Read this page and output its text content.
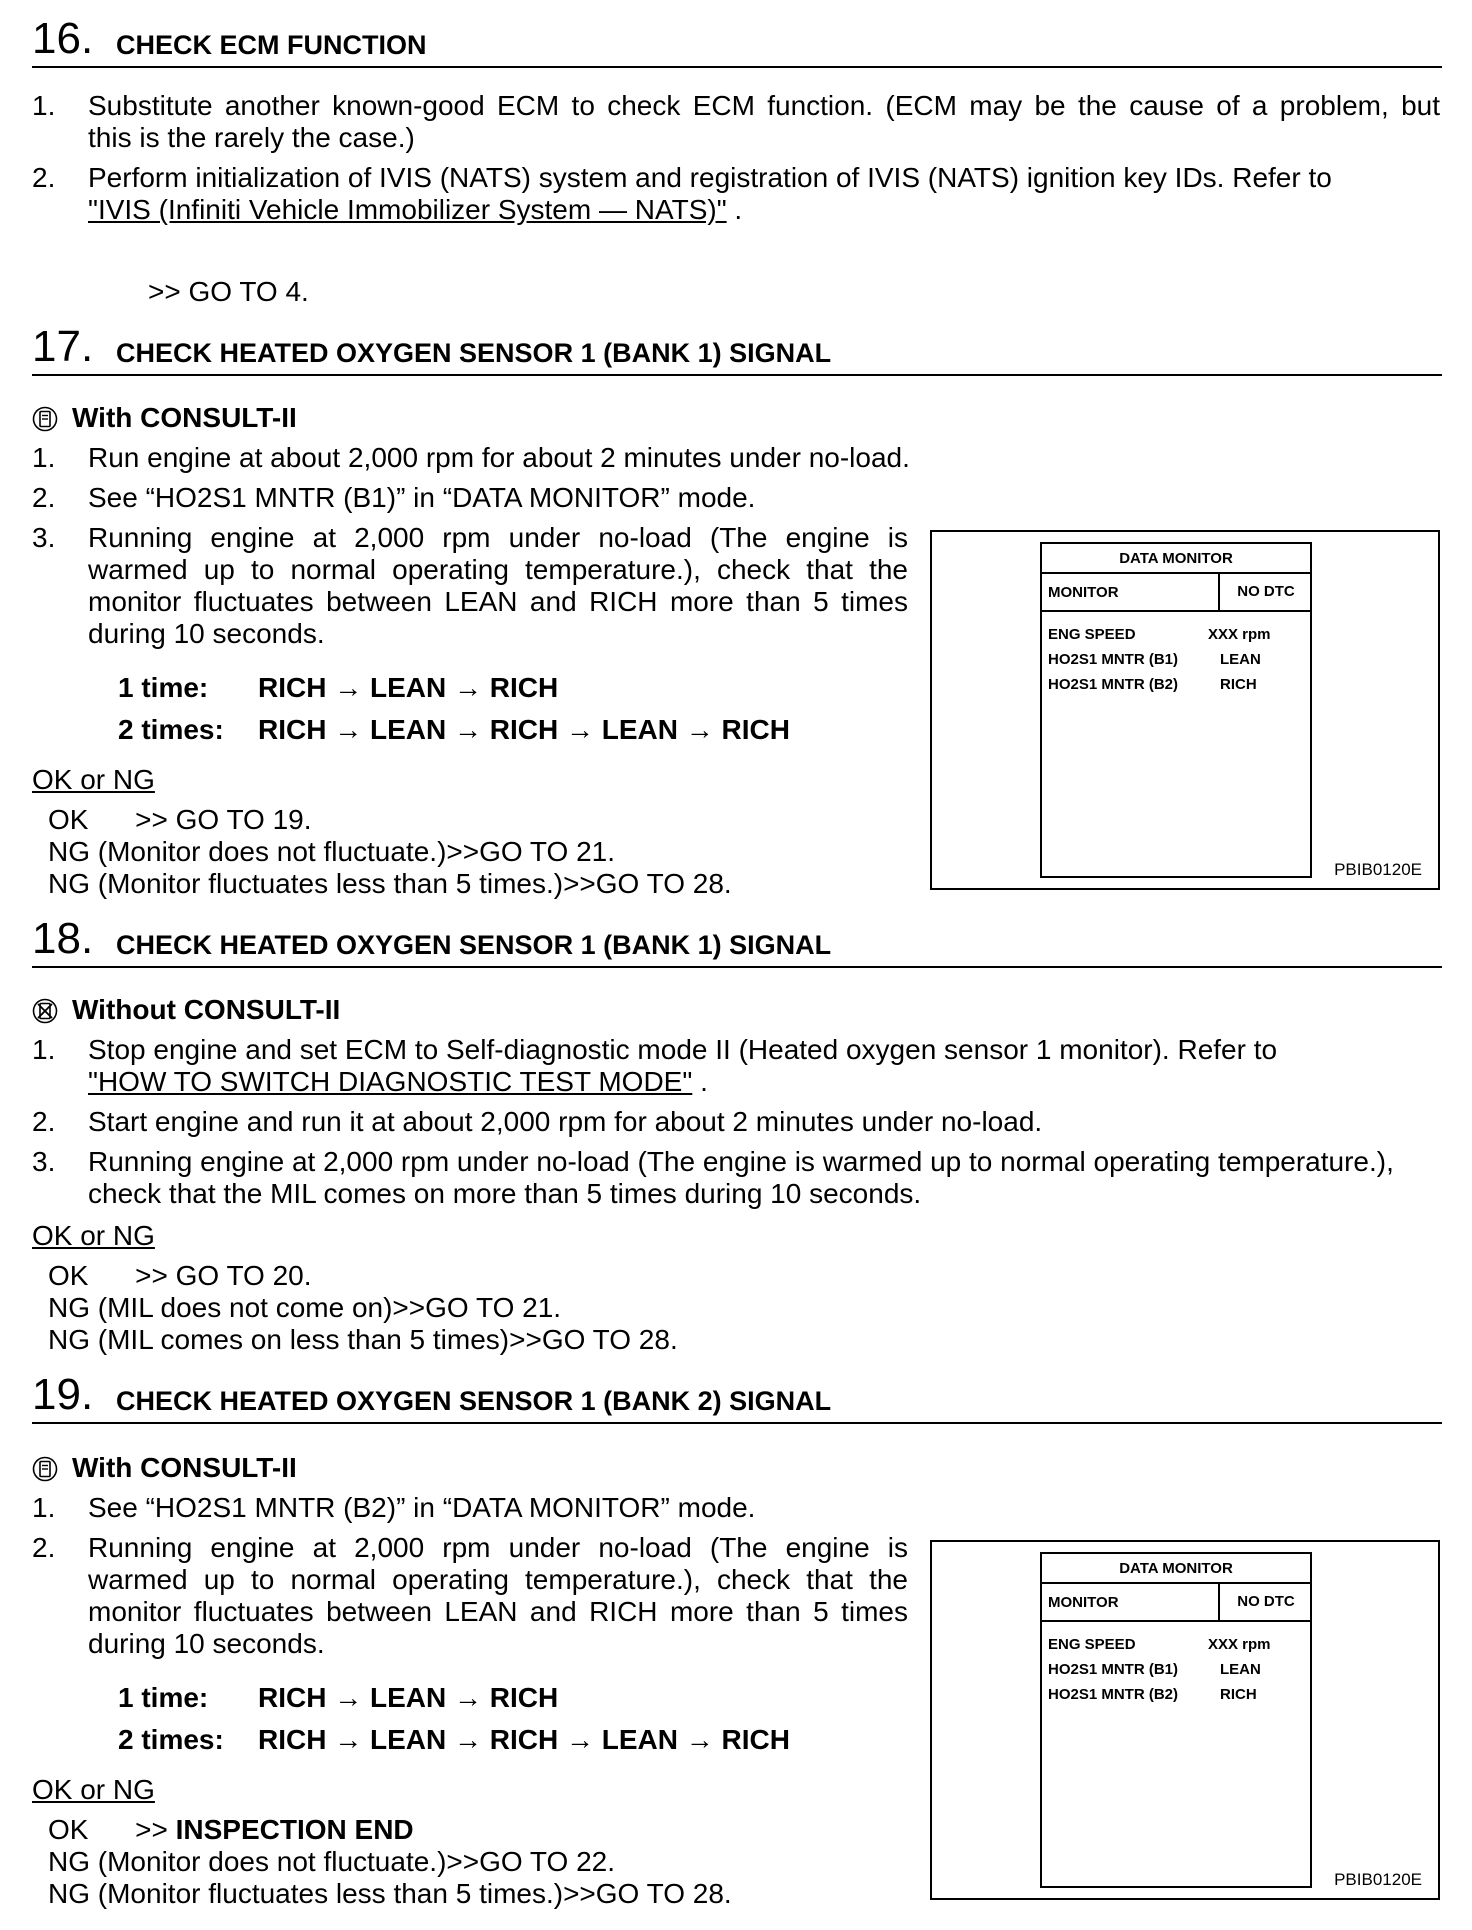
16. CHECK ECM FUNCTION
1. Substitute another known-good ECM to check ECM function. (ECM may be the cause of a problem, but
this is the rarely the case.)
2. Perform initialization of IVIS (NATS) system and registration of IVIS (NATS) ignition key IDs. Refer to
"IVIS (Infiniti Vehicle Immobilizer System — NATS)" .
>> GO TO 4.
17. CHECK HEATED OXYGEN SENSOR 1 (BANK 1) SIGNAL
With CONSULT-II
1. Run engine at about 2,000 rpm for about 2 minutes under no-load.
2. See “HO2S1 MNTR (B1)” in “DATA MONITOR” mode.
3. Running engine at 2,000 rpm under no-load (The engine is
warmed up to normal operating temperature.), check that the
monitor fluctuates between LEAN and RICH more than 5 times
during 10 seconds.
1 time: RICH → LEAN → RICH
2 times: RICH → LEAN → RICH → LEAN → RICH
OK or NG
OK      >> GO TO 19.
NG (Monitor does not fluctuate.)>>GO TO 21.
NG (Monitor fluctuates less than 5 times.)>>GO TO 28.
DATA MONITOR
MONITOR	NO DTC
ENG SPEED	XXX rpm
HO2S1 MNTR (B1)	LEAN
HO2S1 MNTR (B2)	RICH
PBIB0120E
18. CHECK HEATED OXYGEN SENSOR 1 (BANK 1) SIGNAL
Without CONSULT-II
1. Stop engine and set ECM to Self-diagnostic mode II (Heated oxygen sensor 1 monitor). Refer to
"HOW TO SWITCH DIAGNOSTIC TEST MODE" .
2. Start engine and run it at about 2,000 rpm for about 2 minutes under no-load.
3. Running engine at 2,000 rpm under no-load (The engine is warmed up to normal operating temperature.),
check that the MIL comes on more than 5 times during 10 seconds.
OK or NG
OK      >> GO TO 20.
NG (MIL does not come on)>>GO TO 21.
NG (MIL comes on less than 5 times)>>GO TO 28.
19. CHECK HEATED OXYGEN SENSOR 1 (BANK 2) SIGNAL
With CONSULT-II
1. See “HO2S1 MNTR (B2)” in “DATA MONITOR” mode.
2. Running engine at 2,000 rpm under no-load (The engine is
warmed up to normal operating temperature.), check that the
monitor fluctuates between LEAN and RICH more than 5 times
during 10 seconds.
1 time: RICH → LEAN → RICH
2 times: RICH → LEAN → RICH → LEAN → RICH
OK or NG
OK      >> INSPECTION END
NG (Monitor does not fluctuate.)>>GO TO 22.
NG (Monitor fluctuates less than 5 times.)>>GO TO 28.
DATA MONITOR
MONITOR	NO DTC
ENG SPEED	XXX rpm
HO2S1 MNTR (B1)	LEAN
HO2S1 MNTR (B2)	RICH
PBIB0120E
